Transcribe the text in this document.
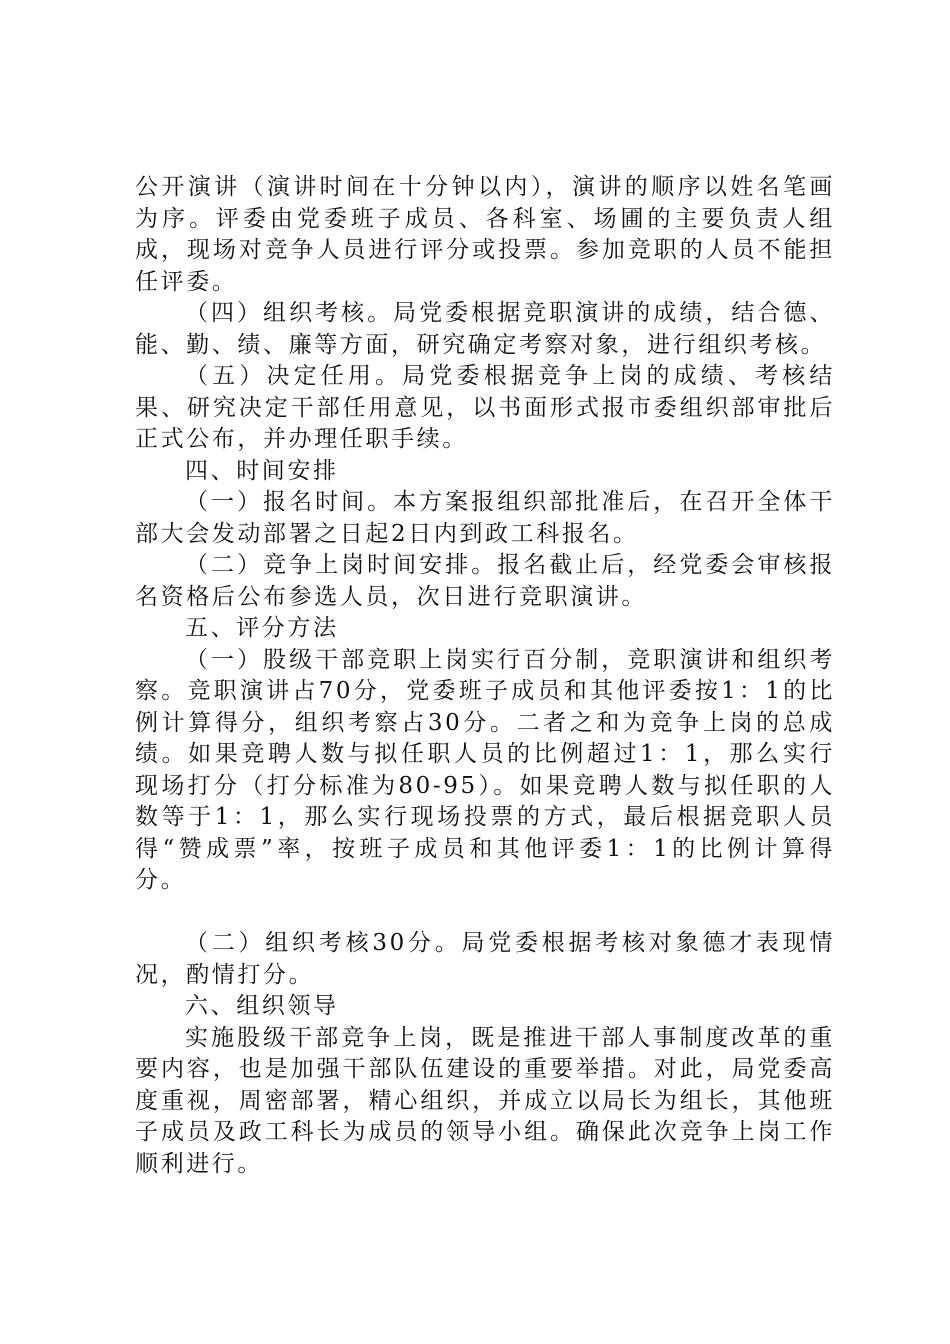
公开演讲（演讲时间在十分钟以内），演讲的顺序以姓名笔画为序。评委由党委班子成员、各科室、场圃的主要负责人组成，现场对竞争人员进行评分或投票。参加竞职的人员不能担任评委。

（四）组织考核。局党委根据竞职演讲的成绩，结合德、能、勤、绩、廉等方面，研究确定考察对象，进行组织考核。

（五）决定任用。局党委根据竞争上岗的成绩、考核结果、研究决定干部任用意见，以书面形式报市委组织部审批后正式公布，并办理任职手续。

四、时间安排

（一）报名时间。本方案报组织部批准后，在召开全体干部大会发动部署之日起2日内到政工科报名。

（二）竞争上岗时间安排。报名截止后，经党委会审核报名资格后公布参选人员，次日进行竞职演讲。

五、评分方法

（一）股级干部竞职上岗实行百分制，竞职演讲和组织考察。竞职演讲占70分，党委班子成员和其他评委按1：1的比例计算得分，组织考察占30分。二者之和为竞争上岗的总成绩。如果竞聘人数与拟任职人员的比例超过1：1，那么实行现场打分（打分标准为80-95）。如果竞聘人数与拟任职的人数等于1：1，那么实行现场投票的方式，最后根据竞职人员得“赞成票”率，按班子成员和其他评委1：1的比例计算得分。

（二）组织考核30分。局党委根据考核对象德才表现情况，酌情打分。

六、组织领导

实施股级干部竞争上岗，既是推进干部人事制度改革的重要内容，也是加强干部队伍建设的重要举措。对此，局党委高度重视，周密部署，精心组织，并成立以局长为组长，其他班子成员及政工科长为成员的领导小组。确保此次竞争上岗工作顺利进行。
